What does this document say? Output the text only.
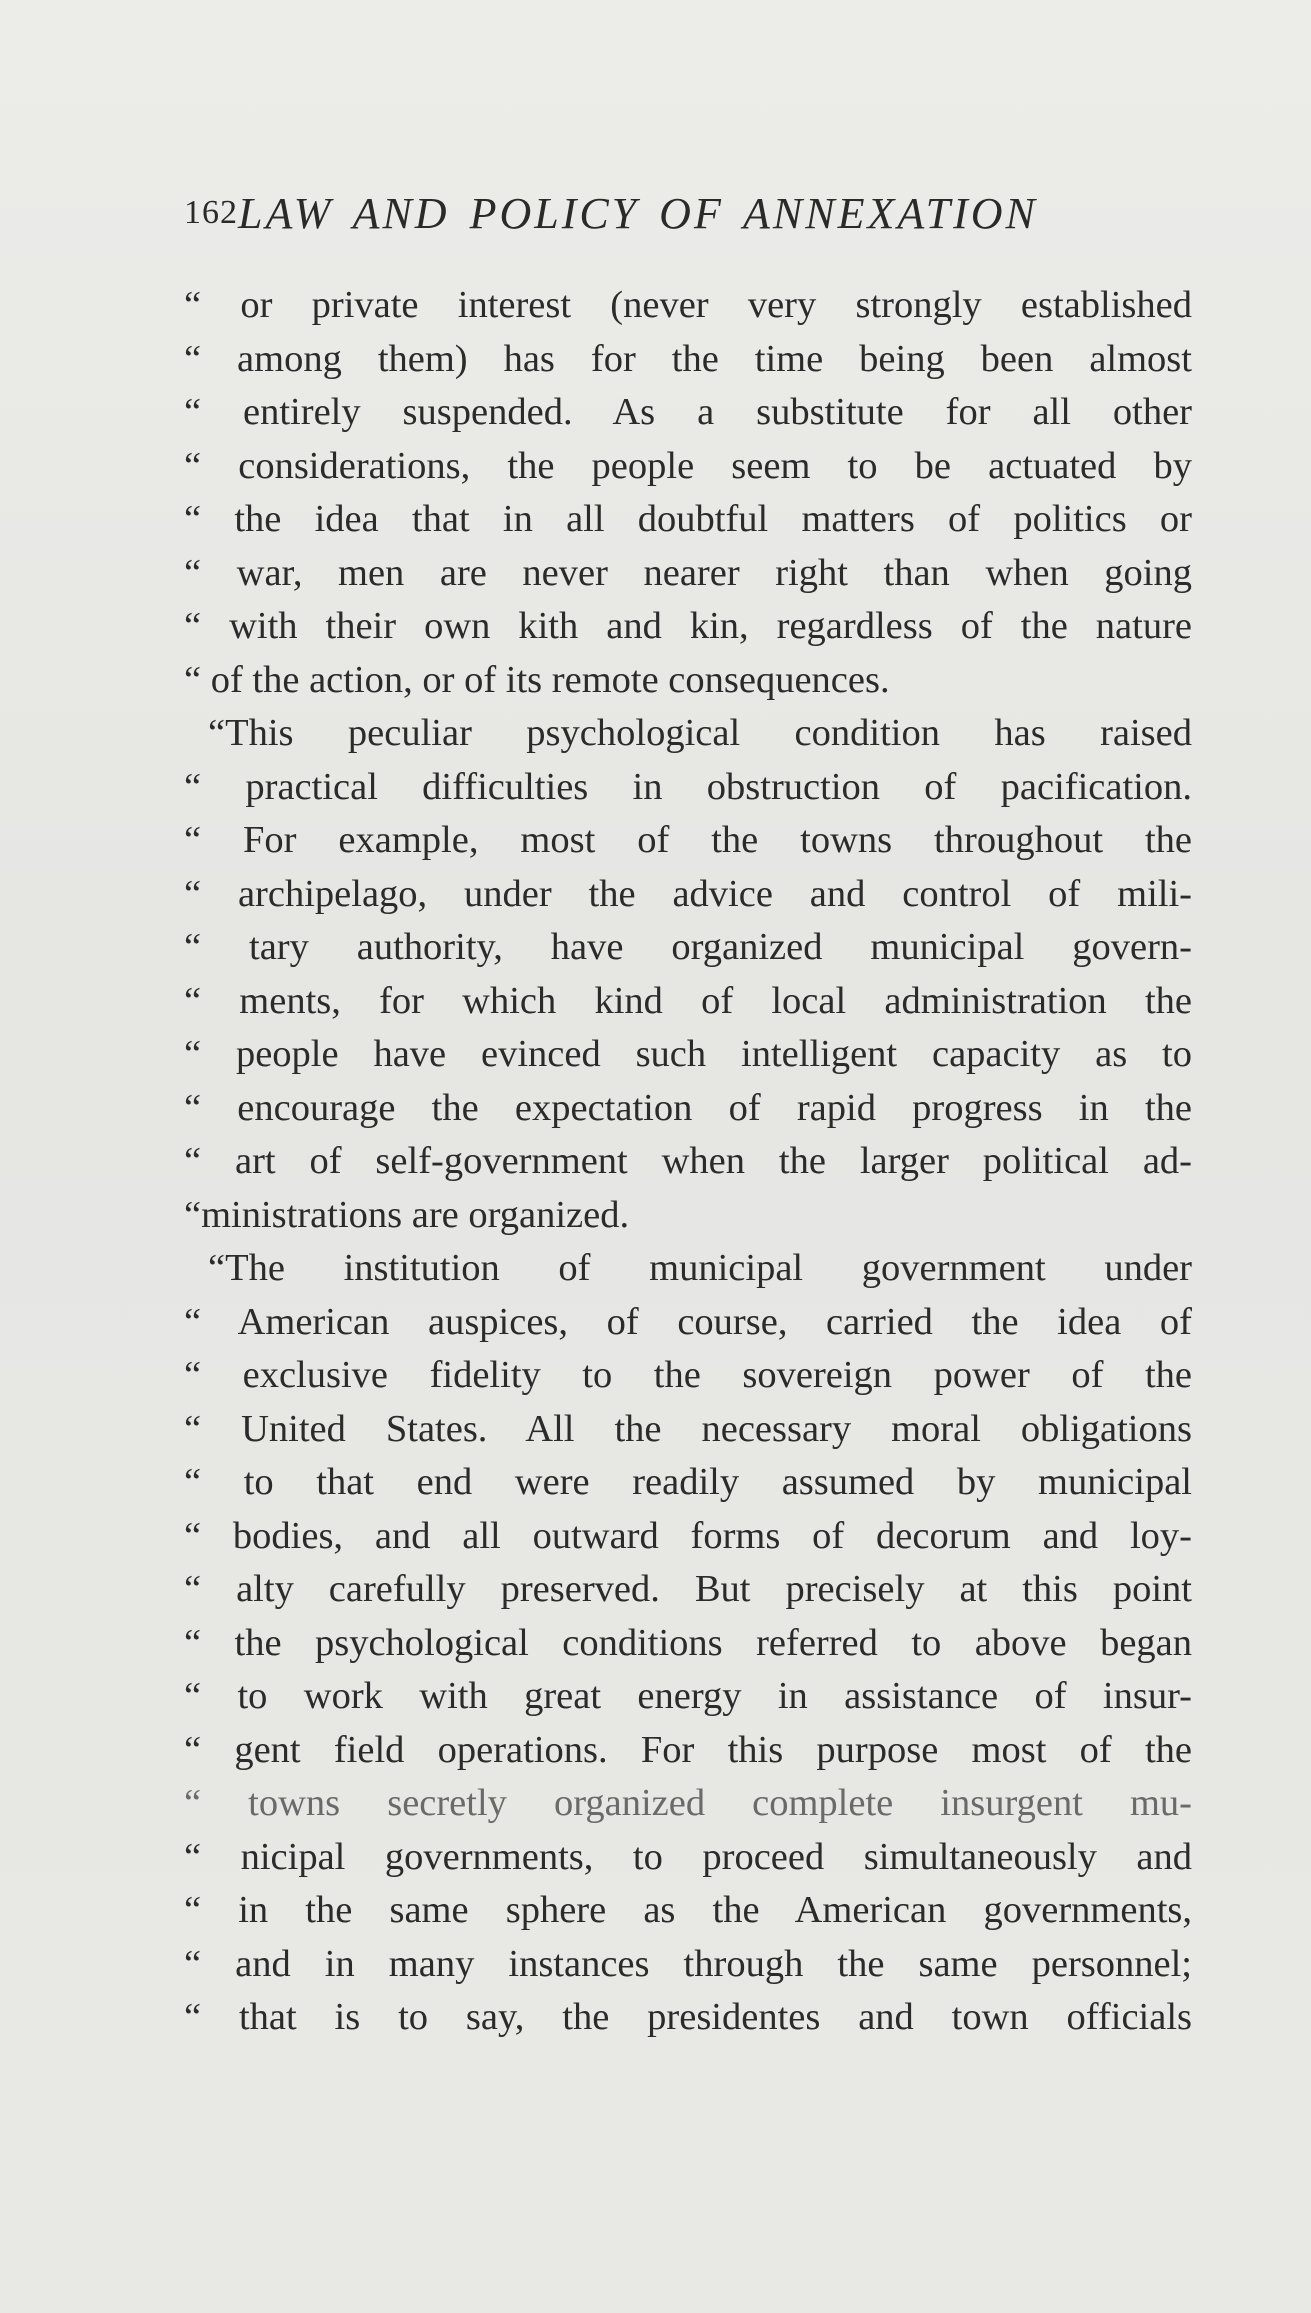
162 LAW AND POLICY OF ANNEXATION
“ or private interest (never very strongly established
“ among them) has for the time being been almost
“ entirely suspended. As a substitute for all other
“ considerations, the people seem to be actuated by
“ the idea that in all doubtful matters of politics or
“ war, men are never nearer right than when going
“ with their own kith and kin, regardless of the nature
“ of the action, or of its remote consequences.
“This peculiar psychological condition has raised
“ practical difficulties in obstruction of pacification.
“ For example, most of the towns throughout the
“ archipelago, under the advice and control of mili-
“ tary authority, have organized municipal govern-
“ ments, for which kind of local administration the
“ people have evinced such intelligent capacity as to
“ encourage the expectation of rapid progress in the
“ art of self-government when the larger political ad-
“ministrations are organized.
“The institution of municipal government under
“ American auspices, of course, carried the idea of
“ exclusive fidelity to the sovereign power of the
“ United States. All the necessary moral obligations
“ to that end were readily assumed by municipal
“ bodies, and all outward forms of decorum and loy-
“ alty carefully preserved. But precisely at this point
“ the psychological conditions referred to above began
“ to work with great energy in assistance of insur-
“ gent field operations. For this purpose most of the
“ towns secretly organized complete insurgent mu-
“ nicipal governments, to proceed simultaneously and
“ in the same sphere as the American governments,
“ and in many instances through the same personnel;
“ that is to say, the presidentes and town officials
